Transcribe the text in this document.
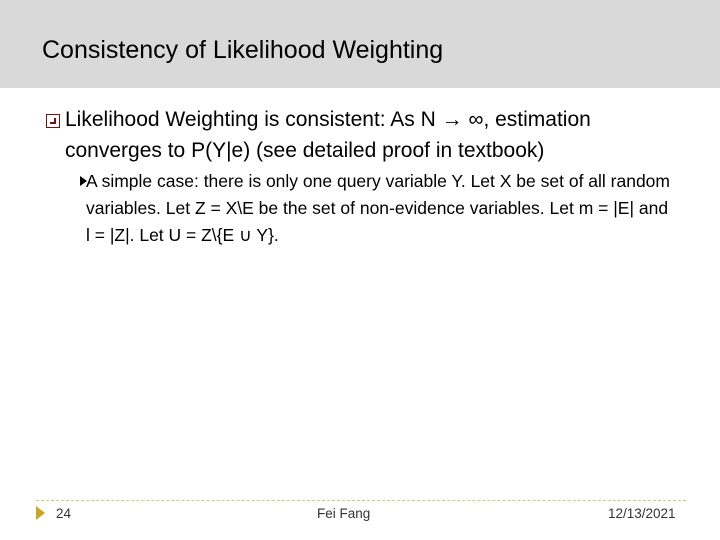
Consistency of Likelihood Weighting
Likelihood Weighting is consistent: As N → ∞, estimation converges to P(Y|e) (see detailed proof in textbook)
A simple case: there is only one query variable Y. Let X be set of all random variables. Let Z = X\E be the set of non-evidence variables. Let m = |E| and l = |Z|. Let U = Z\{E ∪ Y}.
24	Fei Fang	12/13/2021
